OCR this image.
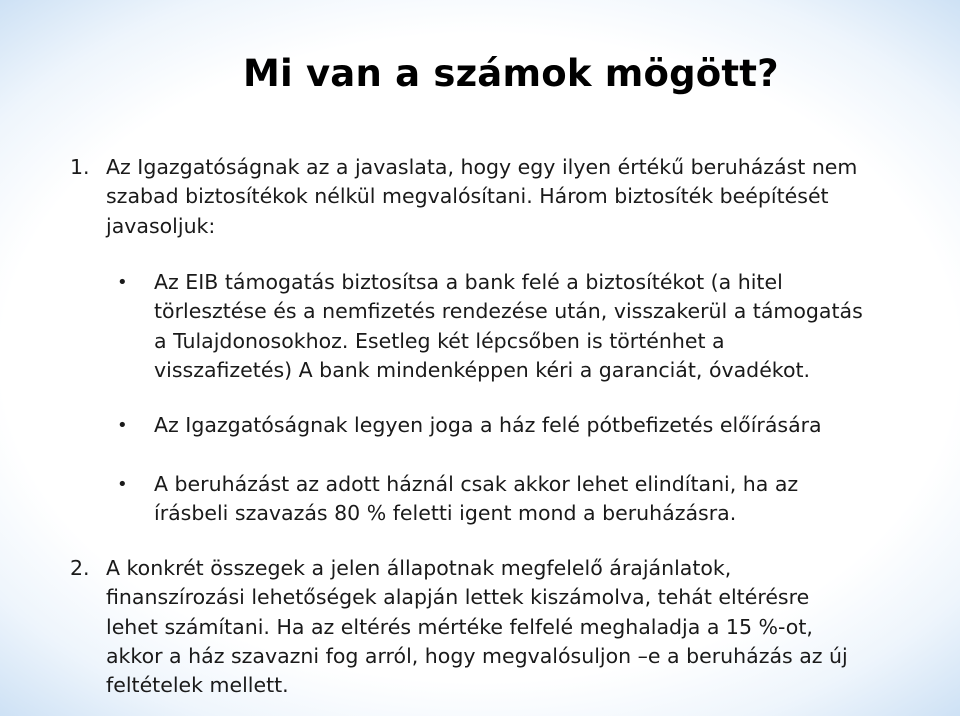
Mi van a számok mögött?
1. Az Igazgatóságnak az a javaslata, hogy egy ilyen értékű beruházást nem
szabad biztosítékok nélkül megvalósítani. Három biztosíték beépítését
javasoljuk:
• Az EIB támogatás biztosítsa a bank felé a biztosítékot (a hitel
törlesztése és a nemfizetés rendezése után, visszakerül a támogatás
a Tulajdonosokhoz. Esetleg két lépcsőben is történhet a
visszafizetés) A bank mindenképpen kéri a garanciát, óvadékot.
• Az Igazgatóságnak legyen joga a ház felé pótbefizetés előírására
• A beruházást az adott háznál csak akkor lehet elindítani, ha az
írásbeli szavazás 80 % feletti igent mond a beruházásra.
2. A konkrét összegek a jelen állapotnak megfelelő árajánlatok,
finanszírozási lehetőségek alapján lettek kiszámolva, tehát eltérésre
lehet számítani. Ha az eltérés mértéke felfelé meghaladja a 15 %-ot,
akkor a ház szavazni fog arról, hogy megvalósuljon –e a beruházás az új
feltételek mellett.
